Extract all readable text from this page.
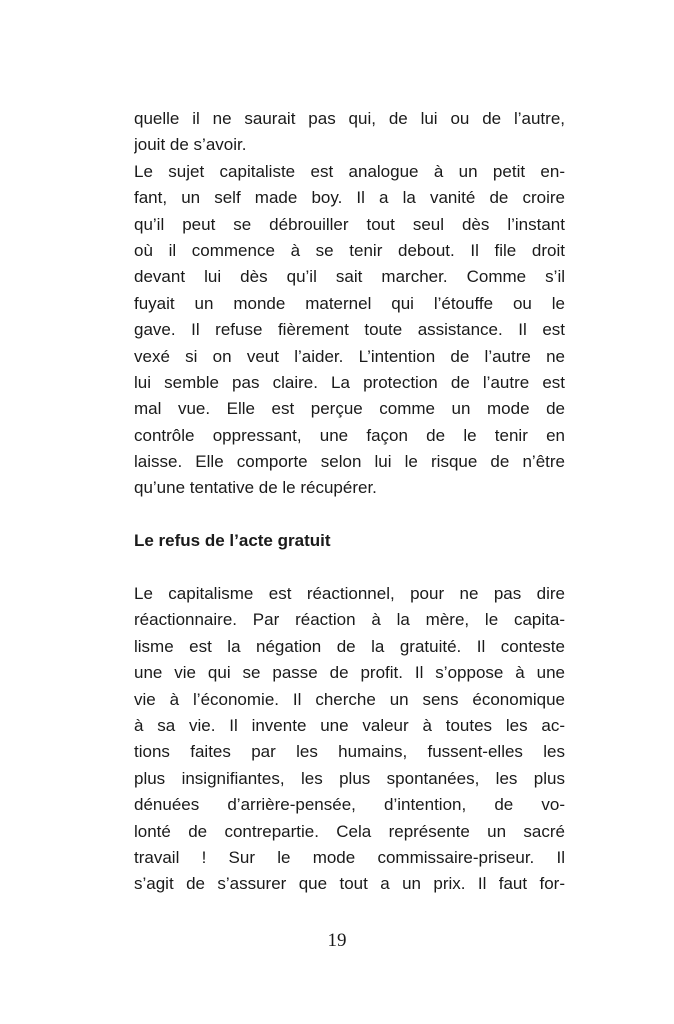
quelle il ne saurait pas qui, de lui ou de l’autre,
jouit de s’avoir.
Le sujet capitaliste est analogue à un petit en-
fant, un self made boy. Il a la vanité de croire
qu’il peut se débrouiller tout seul dès l’instant
où il commence à se tenir debout. Il file droit
devant lui dès qu’il sait marcher. Comme s’il
fuyait un monde maternel qui l’étouffe ou le
gave. Il refuse fièrement toute assistance. Il est
vexé si on veut l’aider. L’intention de l’autre ne
lui semble pas claire. La protection de l’autre est
mal vue. Elle est perçue comme un mode de
contrôle oppressant, une façon de le tenir en
laisse. Elle comporte selon lui le risque de n’être
qu’une tentative de le récupérer.
Le refus de l’acte gratuit
Le capitalisme est réactionnel, pour ne pas dire
réactionnaire. Par réaction à la mère, le capita-
lisme est la négation de la gratuité. Il conteste
une vie qui se passe de profit. Il s’oppose à une
vie à l’économie. Il cherche un sens économique
à sa vie. Il invente une valeur à toutes les ac-
tions faites par les humains, fussent-elles les
plus insignifiantes, les plus spontanées, les plus
dénuées d’arrière-pensée, d’intention, de vo-
lonté de contrepartie. Cela représente un sacré
travail ! Sur le mode commissaire-priseur. Il
s’agit de s’assurer que tout a un prix. Il faut for-
19
